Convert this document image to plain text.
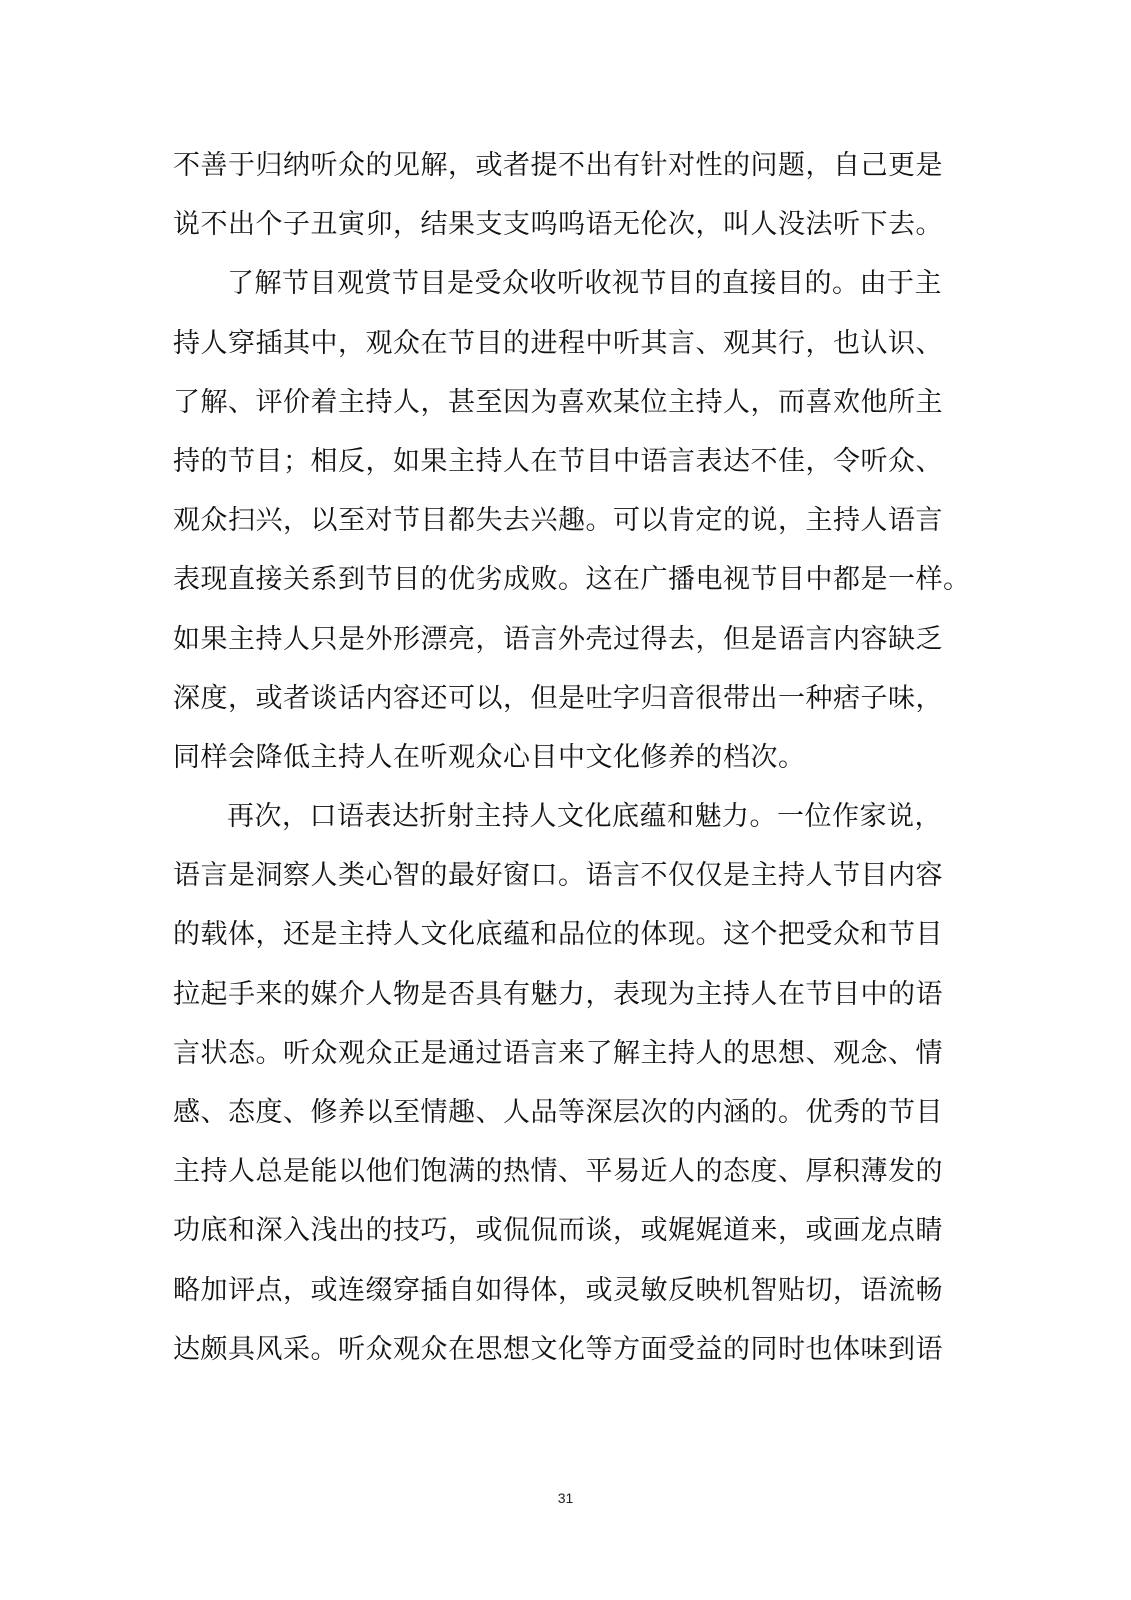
不善于归纳听众的见解，或者提不出有针对性的问题，自己更是
说不出个子丑寅卯，结果支支呜呜语无伦次，叫人没法听下去。
了解节目观赏节目是受众收听收视节目的直接目的。由于主
持人穿插其中，观众在节目的进程中听其言、观其行，也认识、
了解、评价着主持人，甚至因为喜欢某位主持人，而喜欢他所主
持的节目；相反，如果主持人在节目中语言表达不佳，令听众、
观众扫兴，以至对节目都失去兴趣。可以肯定的说，主持人语言
表现直接关系到节目的优劣成败。这在广播电视节目中都是一样。
如果主持人只是外形漂亮，语言外壳过得去，但是语言内容缺乏
深度，或者谈话内容还可以，但是吐字归音很带出一种痞子味，
同样会降低主持人在听观众心目中文化修养的档次。
再次，口语表达折射主持人文化底蕴和魅力。一位作家说，
语言是洞察人类心智的最好窗口。语言不仅仅是主持人节目内容
的载体，还是主持人文化底蕴和品位的体现。这个把受众和节目
拉起手来的媒介人物是否具有魅力，表现为主持人在节目中的语
言状态。听众观众正是通过语言来了解主持人的思想、观念、情
感、态度、修养以至情趣、人品等深层次的内涵的。优秀的节目
主持人总是能以他们饱满的热情、平易近人的态度、厚积薄发的
功底和深入浅出的技巧，或侃侃而谈，或娓娓道来，或画龙点睛
略加评点，或连缀穿插自如得体，或灵敏反映机智贴切，语流畅
达颇具风采。听众观众在思想文化等方面受益的同时也体味到语
31
